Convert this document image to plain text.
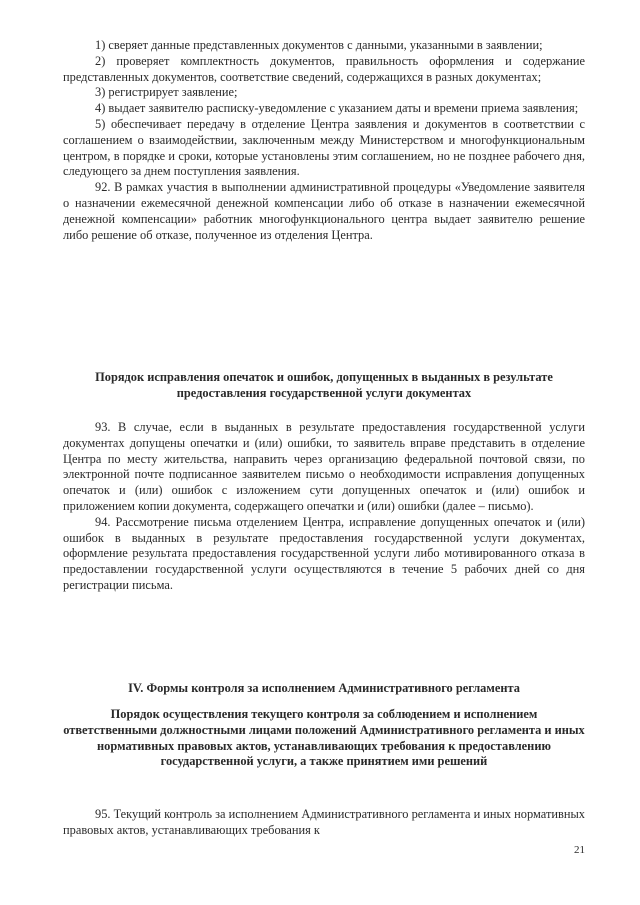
1) сверяет данные представленных документов с данными, указанными в заявлении;

2) проверяет комплектность документов, правильность оформления и содержание представленных документов, соответствие сведений, содержащихся в разных документах;

3) регистрирует заявление;

4) выдает заявителю расписку-уведомление с указанием даты и времени приема заявления;

5) обеспечивает передачу в отделение Центра заявления и документов в соответствии с соглашением о взаимодействии, заключенным между Министерством и многофункциональным центром, в порядке и сроки, которые установлены этим соглашением, но не позднее рабочего дня, следующего за днем поступления заявления.

92. В рамках участия в выполнении административной процедуры «Уведомление заявителя о назначении ежемесячной денежной компенсации либо об отказе в назначении ежемесячной денежной компенсации» работник многофункционального центра выдает заявителю решение либо решение об отказе, полученное из отделения Центра.

Порядок исправления опечаток и ошибок, допущенных в выданных в результате предоставления государственной услуги документах

93. В случае, если в выданных в результате предоставления государственной услуги документах допущены опечатки и (или) ошибки, то заявитель вправе представить в отделение Центра по месту жительства, направить через организацию федеральной почтовой связи, по электронной почте подписанное заявителем письмо о необходимости исправления допущенных опечаток и (или) ошибок с изложением сути допущенных опечаток и (или) ошибок и приложением копии документа, содержащего опечатки и (или) ошибки (далее – письмо).

94. Рассмотрение письма отделением Центра, исправление допущенных опечаток и (или) ошибок в выданных в результате предоставления государственной услуги документах, оформление результата предоставления государственной услуги либо мотивированного отказа в предоставлении государственной услуги осуществляются в течение 5 рабочих дней со дня регистрации письма.

IV. Формы контроля за исполнением Административного регламента

Порядок осуществления текущего контроля за соблюдением и исполнением ответственными должностными лицами положений Административного регламента и иных нормативных правовых актов, устанавливающих требования к предоставлению государственной услуги, а также принятием ими решений

95. Текущий контроль за исполнением Административного регламента и иных нормативных правовых актов, устанавливающих требования к

21
